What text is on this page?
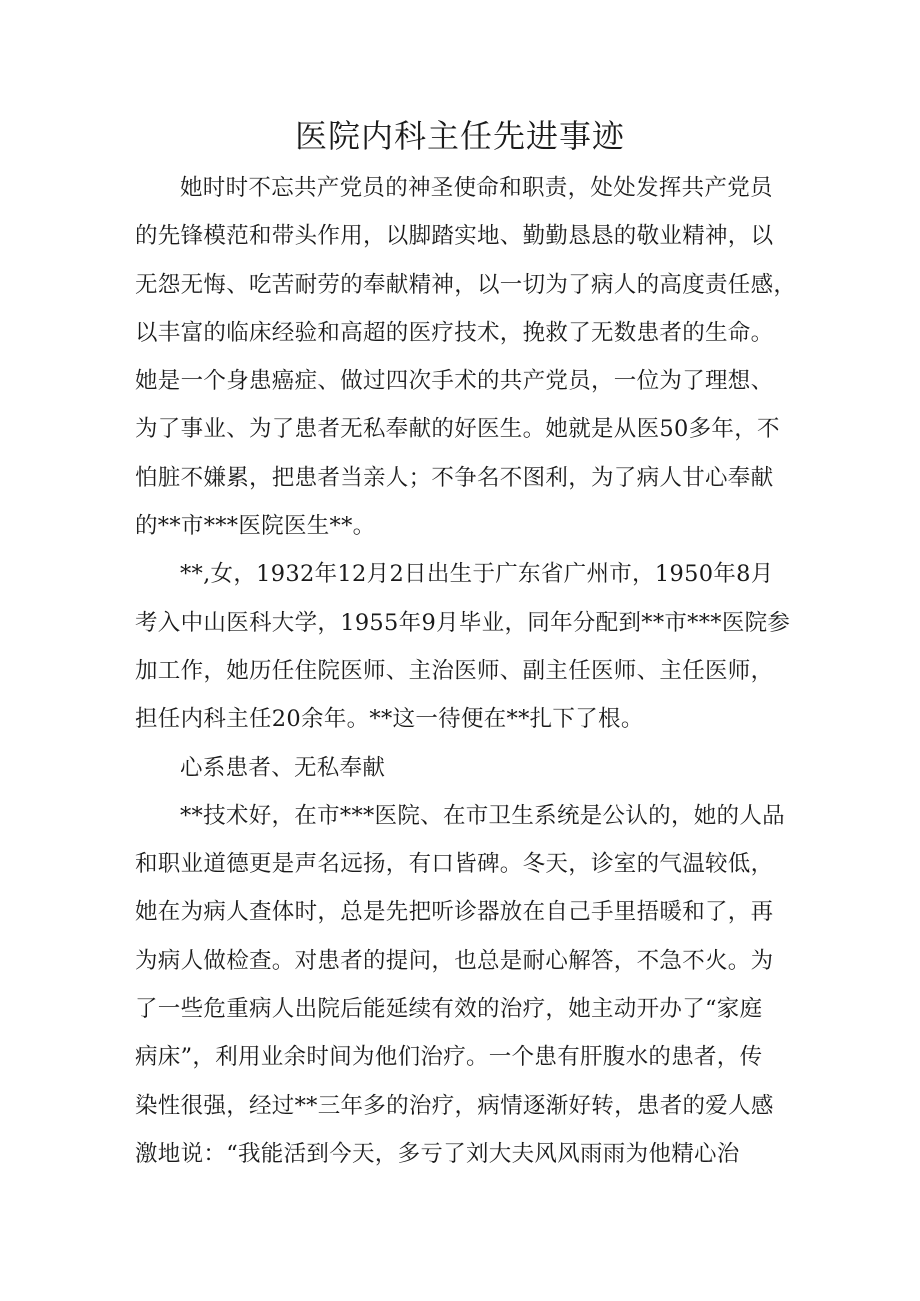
医院内科主任先进事迹
她时时不忘共产党员的神圣使命和职责，处处发挥共产党员
的先锋模范和带头作用，以脚踏实地、勤勤恳恳的敬业精神，以
无怨无悔、吃苦耐劳的奉献精神，以一切为了病人的高度责任感，
以丰富的临床经验和高超的医疗技术，挽救了无数患者的生命。
她是一个身患癌症、做过四次手术的共产党员，一位为了理想、
为了事业、为了患者无私奉献的好医生。她就是从医50多年，不
怕脏不嫌累，把患者当亲人；不争名不图利，为了病人甘心奉献
的**市***医院医生**。
**,女，1932年12月2日出生于广东省广州市，1950年8月
考入中山医科大学，1955年9月毕业，同年分配到**市***医院参
加工作，她历任住院医师、主治医师、副主任医师、主任医师，
担任内科主任20余年。**这一待便在**扎下了根。
心系患者、无私奉献
**技术好，在市***医院、在市卫生系统是公认的，她的人品
和职业道德更是声名远扬，有口皆碑。冬天，诊室的气温较低，
她在为病人查体时，总是先把听诊器放在自己手里捂暖和了，再
为病人做检查。对患者的提问，也总是耐心解答，不急不火。为
了一些危重病人出院后能延续有效的治疗，她主动开办了“家庭
病床”，利用业余时间为他们治疗。一个患有肝腹水的患者，传
染性很强，经过**三年多的治疗，病情逐渐好转，患者的爱人感
激地说：“我能活到今天，多亏了刘大夫风风雨雨为他精心治
